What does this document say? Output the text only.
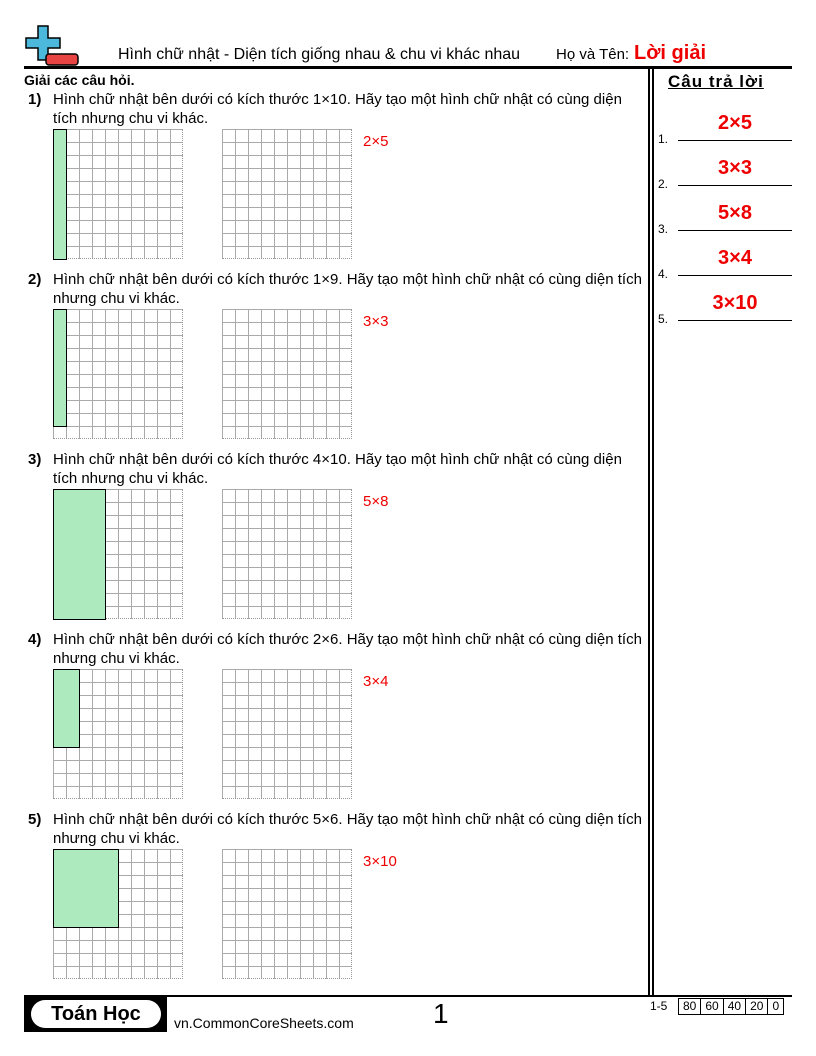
Hình chữ nhật - Diện tích giống nhau & chu vi khác nhau Họ và Tên: Lời giải
Giải các câu hỏi.	Câu trả lời
1) Hình chữ nhật bên dưới có kích thước 1×10. Hãy tạo một hình chữ nhật có cùng diện tích nhưng chu vi khác.
2×5
2) Hình chữ nhật bên dưới có kích thước 1×9. Hãy tạo một hình chữ nhật có cùng diện tích nhưng chu vi khác.
3×3
3) Hình chữ nhật bên dưới có kích thước 4×10. Hãy tạo một hình chữ nhật có cùng diện tích nhưng chu vi khác.
5×8
4) Hình chữ nhật bên dưới có kích thước 2×6. Hãy tạo một hình chữ nhật có cùng diện tích nhưng chu vi khác.
3×4
5) Hình chữ nhật bên dưới có kích thước 5×6. Hãy tạo một hình chữ nhật có cùng diện tích nhưng chu vi khác.
3×10
1.
2×5
2.
3×3
3.
5×8
4.
3×4
5.
3×10
Toán Học	vn.CommonCoreSheets.com	1	1-5	80 60 40 20 0
